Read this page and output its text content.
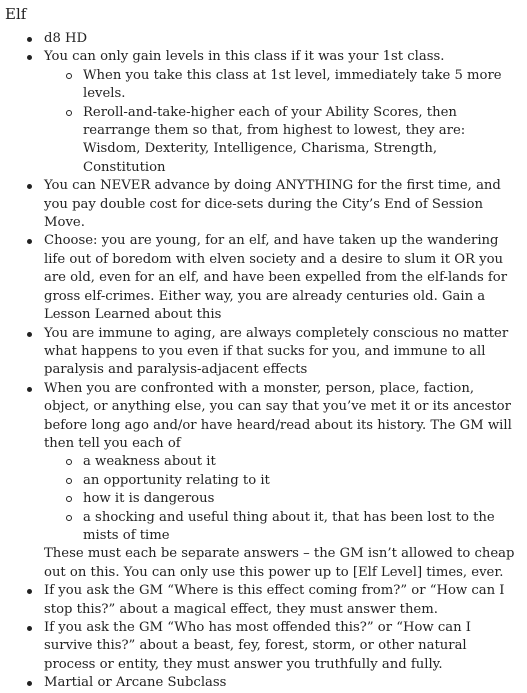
Elf
d8 HD
You can only gain levels in this class if it was your 1st class.
When you take this class at 1st level, immediately take 5 more levels.
Reroll-and-take-higher each of your Ability Scores, then rearrange them so that, from highest to lowest, they are: Wisdom, Dexterity, Intelligence, Charisma, Strength, Constitution
You can NEVER advance by doing ANYTHING for the first time, and you pay double cost for dice-sets during the City’s End of Session Move.
Choose: you are young, for an elf, and have taken up the wandering life out of boredom with elven society and a desire to slum it OR you are old, even for an elf, and have been expelled from the elf-lands for gross elf-crimes. Either way, you are already centuries old. Gain a Lesson Learned about this
You are immune to aging, are always completely conscious no matter what happens to you even if that sucks for you, and immune to all paralysis and paralysis-adjacent effects
When you are confronted with a monster, person, place, faction, object, or anything else, you can say that you’ve met it or its ancestor before long ago and/or have heard/read about its history. The GM will then tell you each of
a weakness about it
an opportunity relating to it
how it is dangerous
a shocking and useful thing about it, that has been lost to the mists of time
These must each be separate answers – the GM isn’t allowed to cheap out on this. You can only use this power up to [Elf Level] times, ever.
If you ask the GM “Where is this effect coming from?” or “How can I stop this?” about a magical effect, they must answer them.
If you ask the GM “Who has most offended this?” or “How can I survive this?” about a beast, fey, forest, storm, or other natural process or entity, they must answer you truthfully and fully.
Martial or Arcane Subclass
